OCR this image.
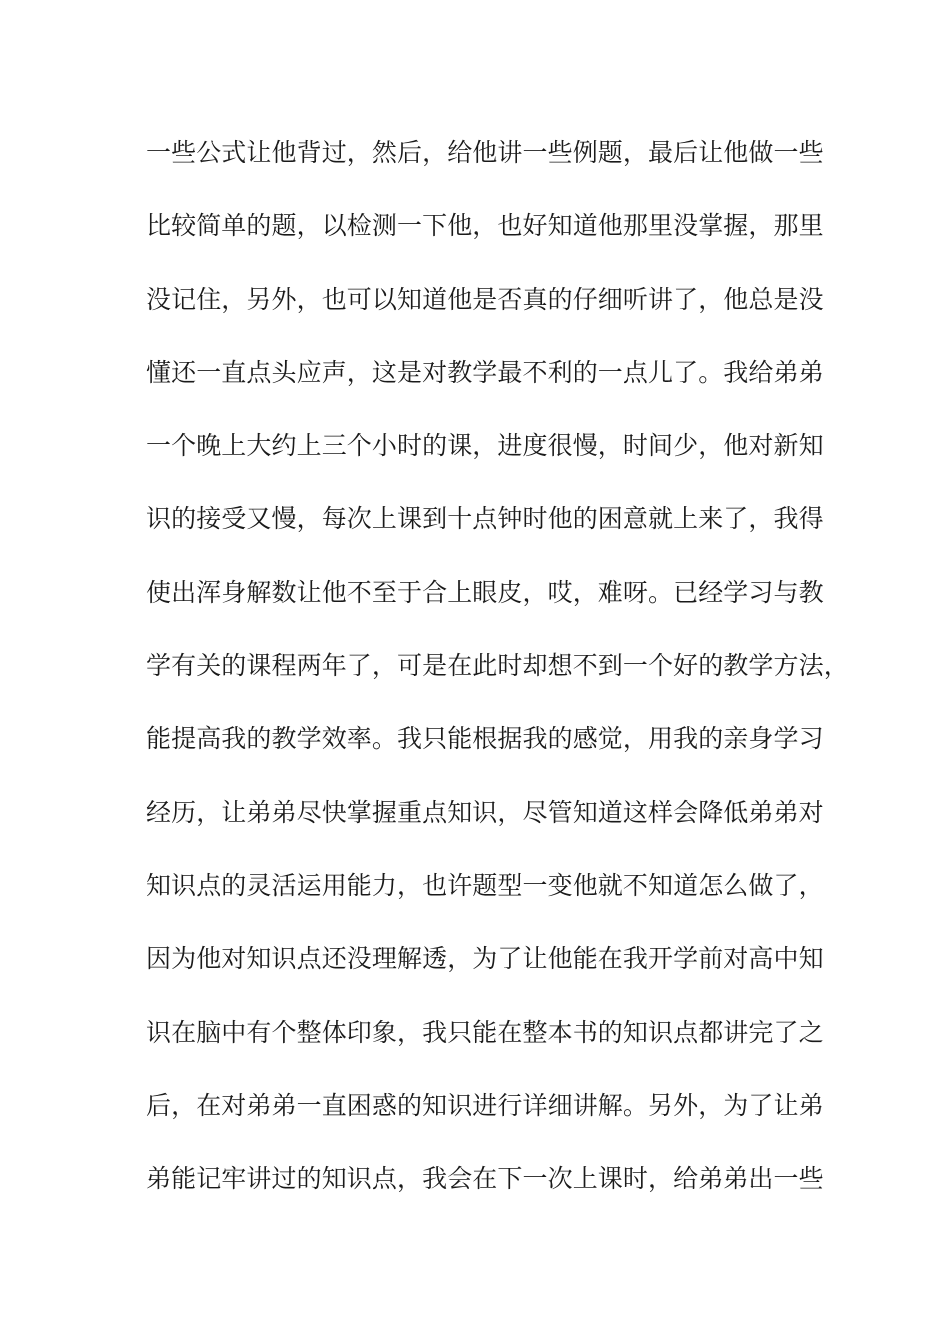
一些公式让他背过，然后，给他讲一些例题，最后让他做一些
比较简单的题，以检测一下他，也好知道他那里没掌握，那里
没记住，另外，也可以知道他是否真的仔细听讲了，他总是没
懂还一直点头应声，这是对教学最不利的一点儿了。我给弟弟
一个晚上大约上三个小时的课，进度很慢，时间少，他对新知
识的接受又慢，每次上课到十点钟时他的困意就上来了，我得
使出浑身解数让他不至于合上眼皮，哎，难呀。已经学习与教
学有关的课程两年了，可是在此时却想不到一个好的教学方法，
能提高我的教学效率。我只能根据我的感觉，用我的亲身学习
经历，让弟弟尽快掌握重点知识，尽管知道这样会降低弟弟对
知识点的灵活运用能力，也许题型一变他就不知道怎么做了，
因为他对知识点还没理解透，为了让他能在我开学前对高中知
识在脑中有个整体印象，我只能在整本书的知识点都讲完了之
后，在对弟弟一直困惑的知识进行详细讲解。另外，为了让弟
弟能记牢讲过的知识点，我会在下一次上课时，给弟弟出一些
